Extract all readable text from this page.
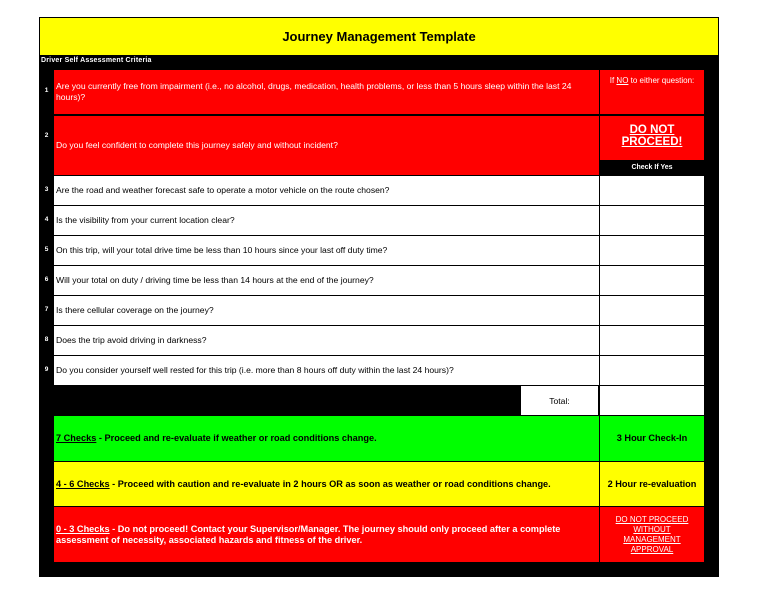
Journey Management Template
Driver Self Assessment Criteria
1 Are you currently free from impairment (i.e., no alcohol, drugs, medication, health problems, or less than 5 hours sleep within the last 24 hours)?
2
Do you feel confident to complete this journey safely and without incident?
If NO to either question:
DO NOT PROCEED!
Check If Yes
3 Are the road and weather forecast safe to operate a motor vehicle on the route chosen?
4 Is the visibility from your current location clear?
5 On this trip, will your total drive time be less than 10 hours since your last off duty time?
6 Will your total on duty / driving time be less than 14 hours at the end of the journey?
7 Is there cellular coverage on the journey?
8 Does the trip avoid driving in darkness?
9 Do you consider yourself well rested for this trip (i.e. more than 8 hours off duty within the last 24 hours)?
Total:
7 Checks - Proceed and re-evaluate if weather or road conditions change.	3 Hour Check-In
4 - 6 Checks - Proceed with caution and re-evaluate in 2 hours OR as soon as weather or road conditions change.	2 Hour re-evaluation
0 - 3 Checks - Do not proceed! Contact your Supervisor/Manager. The journey should only proceed after a complete assessment of necessity, associated hazards and fitness of the driver.
DO NOT PROCEED WITHOUT MANAGEMENT APPROVAL
